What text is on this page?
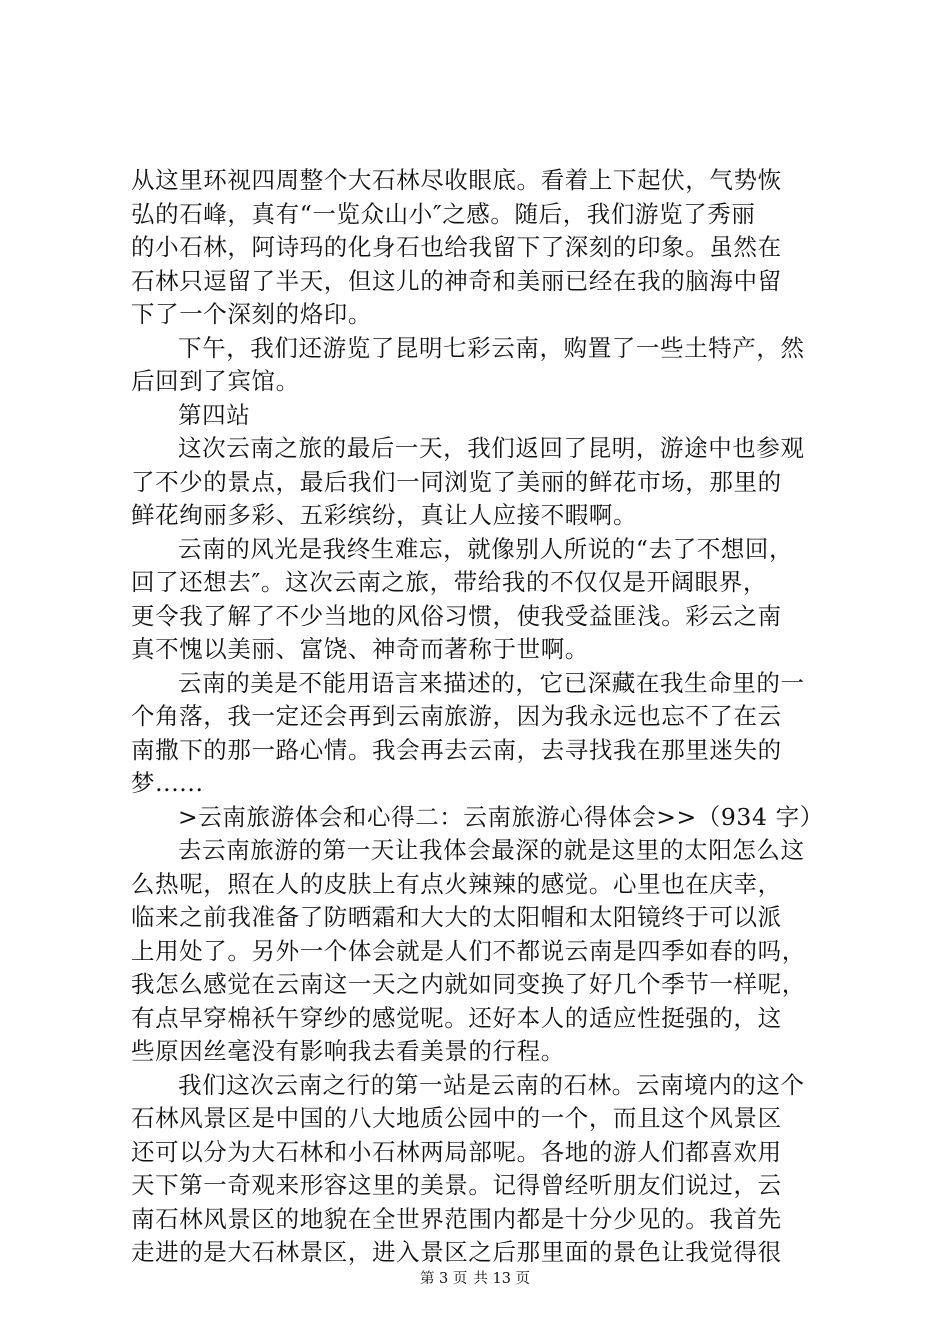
从这里环视四周整个大石林尽收眼底。看着上下起伏，气势恢
弘的石峰，真有“一览众山小″之感。随后，我们游览了秀丽
的小石林，阿诗玛的化身石也给我留下了深刻的印象。虽然在
石林只逗留了半天，但这儿的神奇和美丽已经在我的脑海中留
下了一个深刻的烙印。
下午，我们还游览了昆明七彩云南，购置了一些土特产，然
后回到了宾馆。
第四站
这次云南之旅的最后一天，我们返回了昆明，游途中也参观
了不少的景点，最后我们一同浏览了美丽的鲜花市场，那里的
鲜花绚丽多彩、五彩缤纷，真让人应接不暇啊。
云南的风光是我终生难忘，就像别人所说的“去了不想回，
回了还想去″。这次云南之旅，带给我的不仅仅是开阔眼界，
更令我了解了不少当地的风俗习惯，使我受益匪浅。彩云之南
真不愧以美丽、富饶、神奇而著称于世啊。
云南的美是不能用语言来描述的，它已深藏在我生命里的一
个角落，我一定还会再到云南旅游，因为我永远也忘不了在云
南撒下的那一路心情。我会再去云南，去寻找我在那里迷失的
梦......
>云南旅游体会和心得二：云南旅游心得体会>>（934 字）
去云南旅游的第一天让我体会最深的就是这里的太阳怎么这
么热呢，照在人的皮肤上有点火辣辣的感觉。心里也在庆幸，
临来之前我准备了防晒霜和大大的太阳帽和太阳镜终于可以派
上用处了。另外一个体会就是人们不都说云南是四季如春的吗，
我怎么感觉在云南这一天之内就如同变换了好几个季节一样呢，
有点早穿棉袄午穿纱的感觉呢。还好本人的适应性挺强的，这
些原因丝毫没有影响我去看美景的行程。
我们这次云南之行的第一站是云南的石林。云南境内的这个
石林风景区是中国的八大地质公园中的一个，而且这个风景区
还可以分为大石林和小石林两局部呢。各地的游人们都喜欢用
天下第一奇观来形容这里的美景。记得曾经听朋友们说过，云
南石林风景区的地貌在全世界范围内都是十分少见的。我首先
走进的是大石林景区，进入景区之后那里面的景色让我觉得很
第 3 页 共 13 页
